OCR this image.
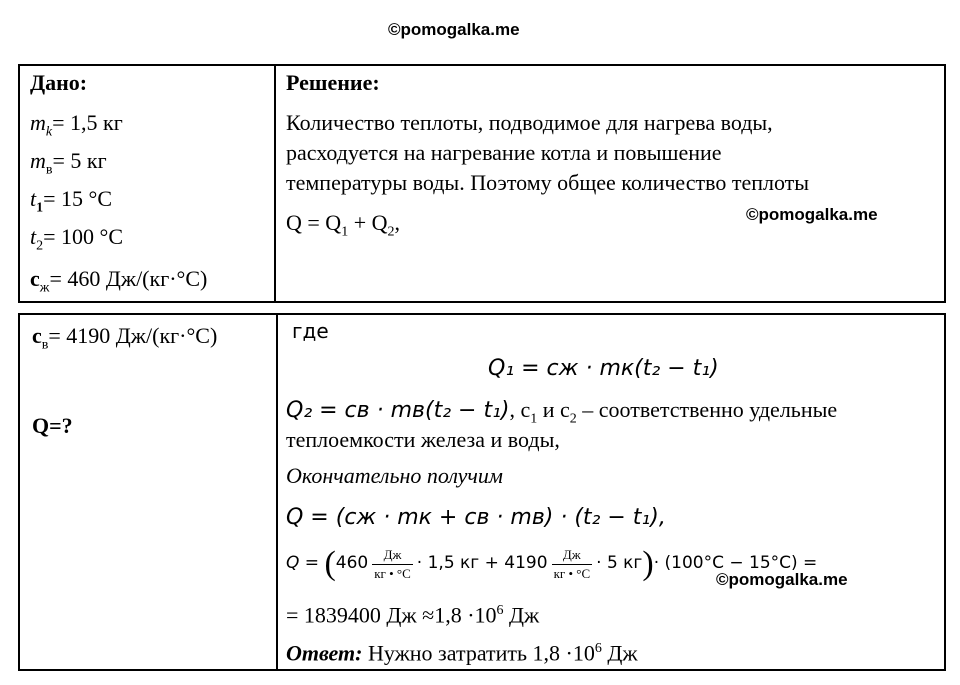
©pomogalka.me
Дано:
$m_k= 1,5$ кг
$m_в= 5$ кг
$t_1= 15$ °С
$t_2= 100$ °С
$с_ж= 460$ Дж/(кг·°С)
$с_в= 4190$ Дж/(кг·°С)
Q=?
Решение:
Количество теплоты, подводимое для нагрева воды,
расходуется на нагревание котла и повышение
температуры воды. Поэтому общее количество теплоты
$Q = Q_1 + Q_2$,	©pomogalka.me
где
Q₁ = сж · mк(t₂ − t₁)
Q₂ = св · mв(t₂ − t₁), $с_1$ и $с_2$ – соответственно удельные
теплоемкости железа и воды,
Окончательно получим
Q = (сж · mк + св · mв) · (t₂ − t₁),
$Q = (460 \frac{Дж}{кг • ^\circ С} \cdot 1,5$ кг + $4190 \frac{Дж}{кг • ^\circ С} \cdot 5$ кг)· (100°С − 15°С) =
©pomogalka.me
= 1839400 Дж $\approx 1,8 \cdot 10^6$ Дж
Ответ: Нужно затратить $1,8 \cdot 10^6$ Дж
